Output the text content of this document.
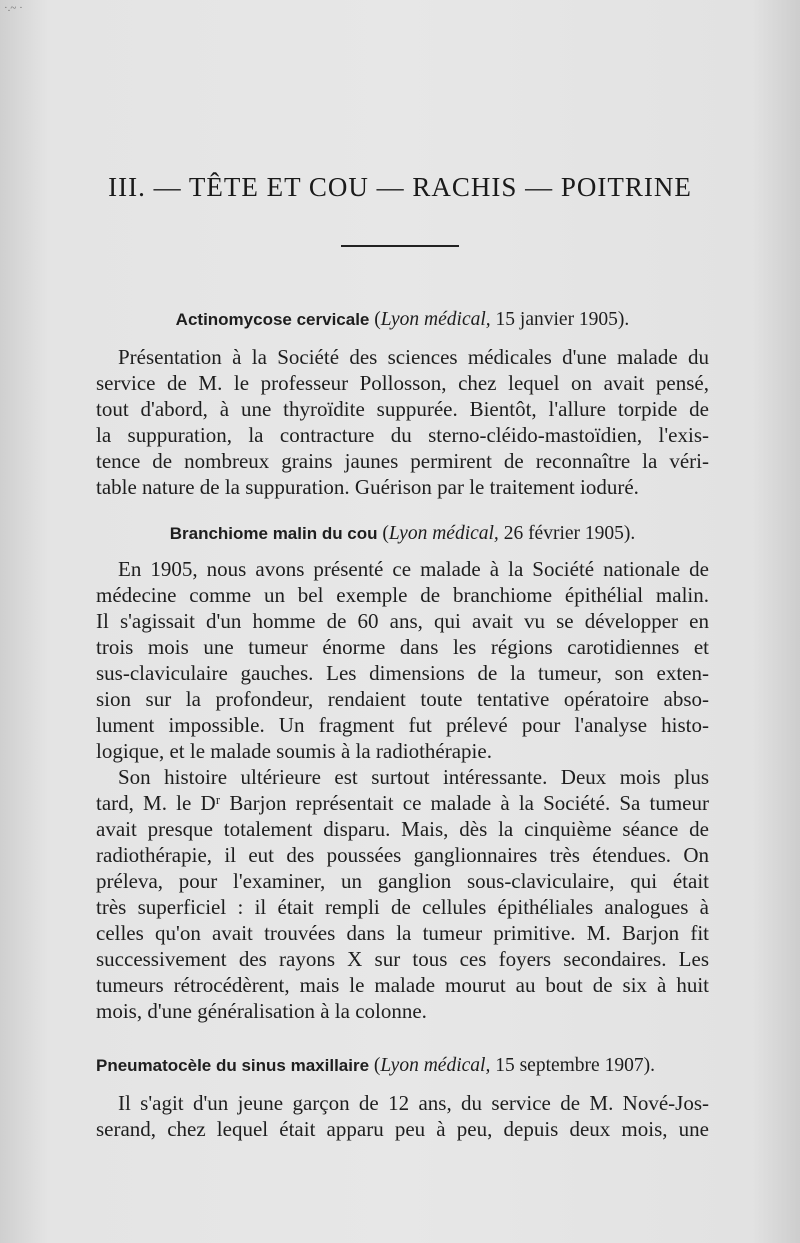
·.~ ·
III. — TÊTE ET COU — RACHIS — POITRINE
Actinomycose cervicale (Lyon médical, 15 janvier 1905).

Présentation à la Société des sciences médicales d'une malade du

service de M. le professeur Pollosson, chez lequel on avait pensé,

tout d'abord, à une thyroïdite suppurée. Bientôt, l'allure torpide de

la suppuration, la contracture du sterno-cléido-mastoïdien, l'exis-

tence de nombreux grains jaunes permirent de reconnaître la véri-

table nature de la suppuration. Guérison par le traitement ioduré.

Branchiome malin du cou (Lyon médical, 26 février 1905).

En 1905, nous avons présenté ce malade à la Société nationale de

médecine comme un bel exemple de branchiome épithélial malin.

Il s'agissait d'un homme de 60 ans, qui avait vu se développer en

trois mois une tumeur énorme dans les régions carotidiennes et

sus-claviculaire gauches. Les dimensions de la tumeur, son exten-

sion sur la profondeur, rendaient toute tentative opératoire abso-

lument impossible. Un fragment fut prélevé pour l'analyse histo-

logique, et le malade soumis à la radiothérapie.

Son histoire ultérieure est surtout intéressante. Deux mois plus

tard, M. le Dʳ Barjon représentait ce malade à la Société. Sa tumeur

avait presque totalement disparu. Mais, dès la cinquième séance de

radiothérapie, il eut des poussées ganglionnaires très étendues. On

préleva, pour l'examiner, un ganglion sous-claviculaire, qui était

très superficiel : il était rempli de cellules épithéliales analogues à

celles qu'on avait trouvées dans la tumeur primitive. M. Barjon fit

successivement des rayons X sur tous ces foyers secondaires. Les

tumeurs rétrocédèrent, mais le malade mourut au bout de six à huit

mois, d'une généralisation à la colonne.

Pneumatocèle du sinus maxillaire (Lyon médical, 15 septembre 1907).

Il s'agit d'un jeune garçon de 12 ans, du service de M. Nové-Jos-

serand, chez lequel était apparu peu à peu, depuis deux mois, une
